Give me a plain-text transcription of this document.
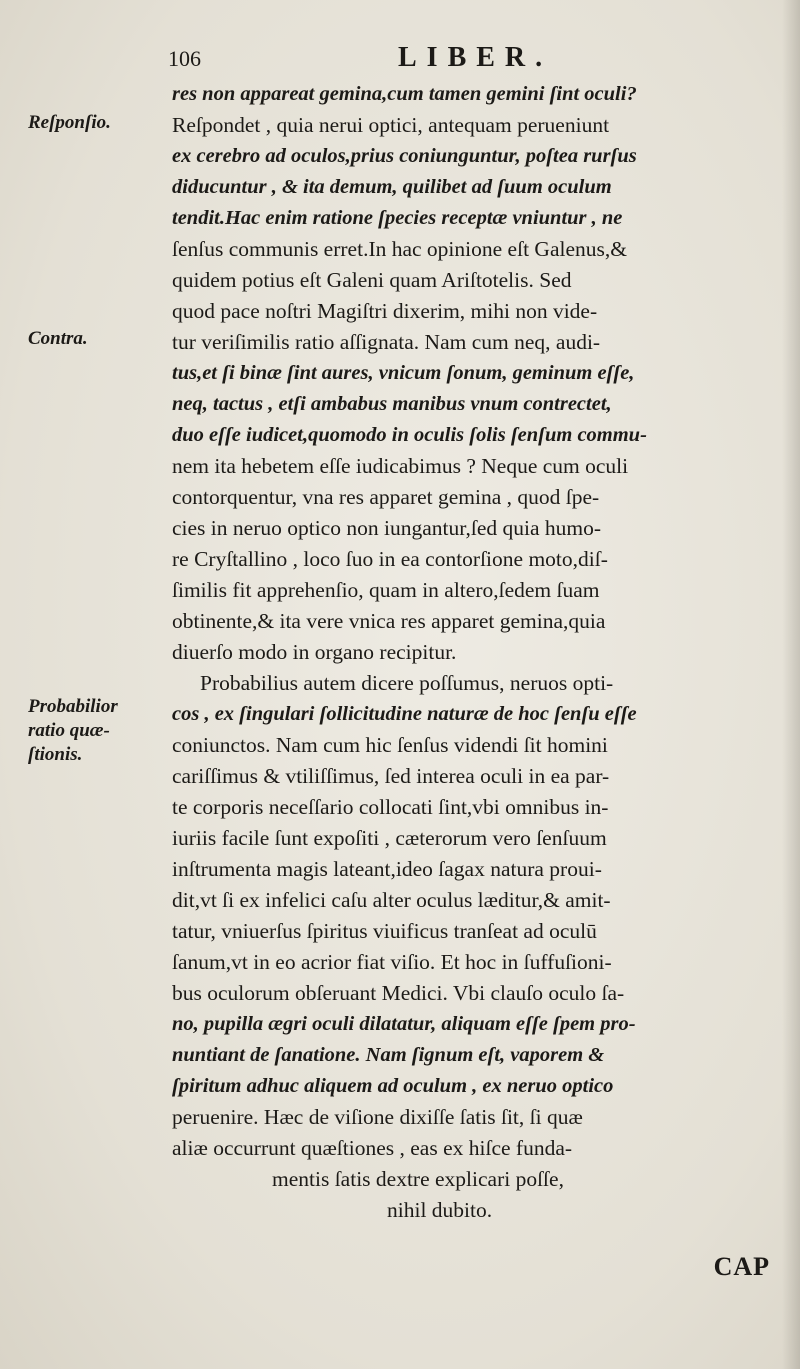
106	LIBER.
Reſponſio.
Contra.
Probabilior
ratio quæ-
ſtionis.
res non appareat gemina,cum tamen gemini ſint oculi?
Reſpondet , quia nerui optici, antequam perueniunt
ex cerebro ad oculos,prius coniunguntur, poſtea rurſus
diducuntur , & ita demum, quilibet ad ſuum oculum
tendit.Hac enim ratione ſpecies receptæ vniuntur , ne
ſenſus communis erret.In hac opinione eſt Galenus,&
quidem potius eſt Galeni quam Ariſtotelis. Sed
quod pace noſtri Magiſtri dixerim, mihi non vide-
tur veriſimilis ratio aſſignata. Nam cum neq, audi-
tus,et ſi binæ ſint aures, vnicum ſonum, geminum eſſe,
neq, tactus , etſi ambabus manibus vnum contrectet,
duo eſſe iudicet,quomodo in oculis ſolis ſenſum commu-
nem ita hebetem eſſe iudicabimus ? Neque cum oculi
contorquentur, vna res apparet gemina , quod ſpe-
cies in neruo optico non iungantur,ſed quia humo-
re Cryſtallino , loco ſuo in ea contorſione moto,diſ-
ſimilis fit apprehenſio, quam in altero,ſedem ſuam
obtinente,& ita vere vnica res apparet gemina,quia
diuerſo modo in organo recipitur.
Probabilius autem dicere poſſumus, neruos opti-
cos , ex ſingulari ſollicitudine naturæ de hoc ſenſu eſſe
coniunctos. Nam cum hic ſenſus videndi ſit homini
cariſſimus & vtiliſſimus, ſed interea oculi in ea par-
te corporis neceſſario collocati ſint,vbi omnibus in-
iuriis facile ſunt expoſiti , cæterorum vero ſenſuum
inſtrumenta magis lateant,ideo ſagax natura proui-
dit,vt ſi ex infelici caſu alter oculus læditur,& amit-
tatur, vniuerſus ſpiritus viuificus tranſeat ad oculū
ſanum,vt in eo acrior fiat viſio. Et hoc in ſuffuſioni-
bus oculorum obſeruant Medici. Vbi clauſo oculo ſa-
no, pupilla ægri oculi dilatatur, aliquam eſſe ſpem pro-
nuntiant de ſanatione. Nam ſignum eſt, vaporem &
ſpiritum adhuc aliquem ad oculum , ex neruo optico
peruenire. Hæc de viſione dixiſſe ſatis ſit, ſi quæ
aliæ occurrunt quæſtiones , eas ex hiſce funda-
mentis ſatis dextre explicari poſſe,
nihil dubito.
CAP
